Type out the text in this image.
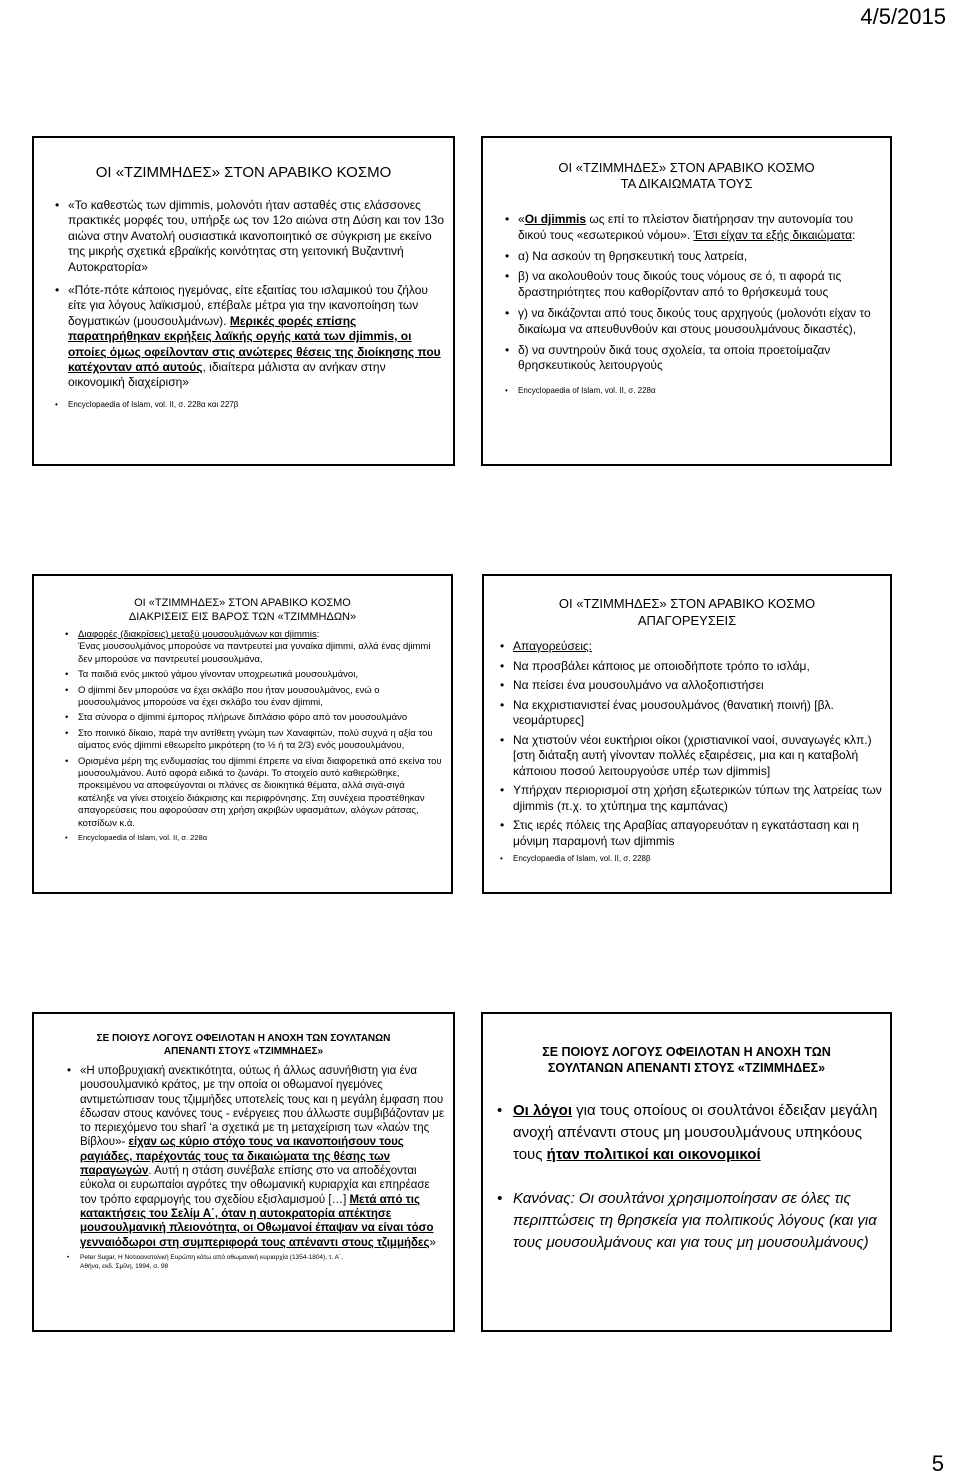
4/5/2015
ΟΙ «ΤΖΙΜΜΗΔΕΣ» ΣΤΟΝ ΑΡΑΒΙΚΟ ΚΟΣΜΟ
• «Το καθεστώς των djimmis, μολονότι ήταν ασταθές στις ελάσσονες πρακτικές μορφές του, υπήρξε ως τον 12ο αιώνα στη Δύση και τον 13ο αιώνα στην Ανατολή ουσιαστικά ικανοποιητικό σε σύγκριση με εκείνο της μικρής σχετικά εβραϊκής κοινότητας στη γειτονική Βυζαντινή Αυτοκρατορία»
• «Πότε-πότε κάποιος ηγεμόνας, είτε εξαιτίας του ισλαμικού του ζήλου είτε για λόγους λαϊκισμού, επέβαλε μέτρα για την ικανοποίηση των δογματικών (μουσουλμάνων). Μερικές φορές επίσης παρατηρήθηκαν εκρήξεις λαϊκής οργής κατά των djimmis, οι οποίες όμως οφείλονταν στις ανώτερες θέσεις της διοίκησης που κατέχονταν από αυτούς, ιδιαίτερα μάλιστα αν ανήκαν στην οικονομική διαχείριση»
• Encyclopaedia of Islam, vol. II, σ. 228α και 227β
ΟΙ «ΤΖΙΜΜΗΔΕΣ» ΣΤΟΝ ΑΡΑΒΙΚΟ ΚΟΣΜΟ
ΤΑ ΔΙΚΑΙΩΜΑΤΑ ΤΟΥΣ
• «Οι djimmis ως επί το πλείστον διατήρησαν την αυτονομία του δικού τους «εσωτερικού νόμου». Έτσι είχαν τα εξής δικαιώματα:
• α) Να ασκούν τη θρησκευτική τους λατρεία,
• β) να ακολουθούν τους δικούς τους νόμους σε ό, τι αφορά τις δραστηριότητες που καθορίζονταν από το θρήσκευμά τους
• γ) να δικάζονται από τους δικούς τους αρχηγούς (μολονότι είχαν το δικαίωμα να απευθυνθούν και στους μουσουλμάνους δικαστές),
• δ) να συντηρούν δικά τους σχολεία, τα οποία προετοίμαζαν θρησκευτικούς λειτουργούς
• Encyclopaedia of Islam, vol. II, σ. 228α
ΟΙ «ΤΖΙΜΜΗΔΕΣ» ΣΤΟΝ ΑΡΑΒΙΚΟ ΚΟΣΜΟ
ΔΙΑΚΡΙΣΕΙΣ ΕΙΣ ΒΑΡΟΣ ΤΩΝ «ΤΖΙΜΜΗΔΩΝ»
• Διαφορές (διακρίσεις) μεταξύ μουσουλμάνων και djimmis:
Ένας μουσουλμάνος μπορούσε να παντρευτεί μια γυναίκα djimmi, αλλά ένας djimmi δεν μπορούσε να παντρευτεί μουσουλμάνα,
• Τα παιδιά ενός μικτού γάμου γίνονταν υποχρεωτικά μουσουλμάνοι,
• Ο djimmi δεν μπορούσε να έχει σκλάβο που ήταν μουσουλμάνος, ενώ ο μουσουλμάνος μπορούσε να έχει σκλάβο του έναν djimmi,
• Στα σύνορα ο djimmi έμπορος πλήρωνε διπλάσιο φόρο από τον μουσουλμάνο
• Στο ποινικό δίκαιο, παρά την αντίθετη γνώμη των Χαναφιτών, πολύ συχνά η αξία του αίματος ενός djimmi εθεωρείτο μικρότερη (το ½ ή τα 2/3) ενός μουσουλμάνου,
• Ορισμένα μέρη της ενδυμασίας του djimmi έπρεπε να είναι διαφορετικά από εκείνα του μουσουλμάνου. Αυτό αφορά ειδικά το ζωνάρι. Το στοιχείο αυτό καθιερώθηκε, προκειμένου να αποφεύγονται οι πλάνες σε διοικητικά θέματα, αλλά σιγά-σιγά κατέληξε να γίνει στοιχείο διάκρισης και περιφρόνησης. Στη συνέχεια προστέθηκαν απαγορεύσεις που αφορούσαν στη χρήση ακριβών υφασμάτων, αλόγων ράτσας, κοτσίδων κ.ά.
• Encyclopaedia of Islam, vol. II, σ. 228α
ΟΙ «ΤΖΙΜΜΗΔΕΣ» ΣΤΟΝ ΑΡΑΒΙΚΟ ΚΟΣΜΟ
ΑΠΑΓΟΡΕΥΣΕΙΣ
• Απαγορεύσεις:
• Να προσβάλει κάποιος με οποιοδήποτε τρόπο το ισλάμ,
• Να πείσει ένα μουσουλμάνο να αλλοξοπιστήσει
• Να εκχριστιανιστεί ένας μουσουλμάνος (θανατική ποινή) [βλ. νεομάρτυρες]
• Να χτιστούν νέοι ευκτήριοι οίκοι (χριστιανικοί ναοί, συναγωγές κλπ.) [στη διάταξη αυτή γίνονταν πολλές εξαιρέσεις, μια και η καταβολή κάποιου ποσού λειτουργούσε υπέρ των djimmis]
• Υπήρχαν περιορισμοί στη χρήση εξωτερικών τύπων της λατρείας των djimmis (π.χ. το χτύπημα της καμπάνας)
• Στις ιερές πόλεις της Αραβίας απαγορευόταν η εγκατάσταση και η μόνιμη παραμονή των djimmis
• Encyclopaedia of Islam, vol. II, σ. 228β
ΣΕ ΠΟΙΟΥΣ ΛΟΓΟΥΣ ΟΦΕΙΛΟΤΑΝ Η ΑΝΟΧΗ ΤΩΝ ΣΟΥΛΤΑΝΩΝ
ΑΠΕΝΑΝΤΙ ΣΤΟΥΣ «ΤΖΙΜΜΗΔΕΣ»
• «Η υποβρυχιακή ανεκτικότητα, ούτως ή άλλως ασυνήθιστη για ένα μουσουλμανικό κράτος, με την οποία οι οθωμανοί ηγεμόνες αντιμετώπισαν τους τζιμμήδες υποτελείς τους και η μεγάλη έμφαση που έδωσαν στους κανόνες τους - ενέργειες που άλλωστε συμβιβάζονταν με το περιεχόμενο του sharî ‘a σχετικά με τη μεταχείριση των «λαών της Βίβλου»- είχαν ως κύριο στόχο τους να ικανοποιήσουν τους ραγιάδες, παρέχοντάς τους τα δικαιώματα της θέσης των παραγωγών. Αυτή η στάση συνέβαλε επίσης στο να αποδέχονται εύκολα οι ευρωπαίοι αγρότες την οθωμανική κυριαρχία και επηρέασε τον τρόπο εφαρμογής του σχεδίου εξισλαμισμού […] Μετά από τις κατακτήσεις του Σελίμ Α΄, όταν η αυτοκρατορία απέκτησε μουσουλμανική πλειονότητα, οι Οθωμανοί έπαψαν να είναι τόσο γενναιόδωροι στη συμπεριφορά τους απέναντι στους τζιμμήδες»
• Peter Sugar, Η Νοτιοανατολική Ευρώπη κάτω από οθωμανική κυριαρχία (1354-1804), τ. Α΄,
Αθήνα, εκδ. Σμίλη, 1994, σ. 98
ΣΕ ΠΟΙΟΥΣ ΛΟΓΟΥΣ ΟΦΕΙΛΟΤΑΝ Η ΑΝΟΧΗ ΤΩΝ
ΣΟΥΛΤΑΝΩΝ ΑΠΕΝΑΝΤΙ ΣΤΟΥΣ «ΤΖΙΜΜΗΔΕΣ»
• Οι λόγοι για τους οποίους οι σουλτάνοι έδειξαν μεγάλη ανοχή απέναντι στους μη μουσουλμάνους υπηκόους τους ήταν πολιτικοί και οικονομικοί
• Κανόνας: Οι σουλτάνοι χρησιμοποίησαν σε όλες τις περιπτώσεις τη θρησκεία για πολιτικούς λόγους (και για τους μουσουλμάνους και για τους μη μουσουλμάνους)
5
